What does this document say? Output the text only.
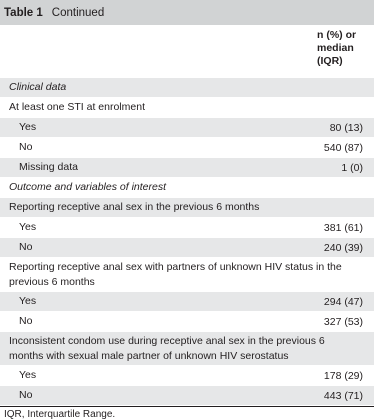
Table 1 Continued
n (%) or
median
(IQR)
Clinical data
At least one STI at enrolment
Yes	80 (13)
No	540 (87)
Missing data	1 (0)
Outcome and variables of interest
Reporting receptive anal sex in the previous 6 months
Yes	381 (61)
No	240 (39)
Reporting receptive anal sex with partners of unknown HIV status in the previous 6 months
Yes	294 (47)
No	327 (53)
Inconsistent condom use during receptive anal sex in the previous 6 months with sexual male partner of unknown HIV serostatus
Yes	178 (29)
No	443 (71)
IQR, Interquartile Range.
